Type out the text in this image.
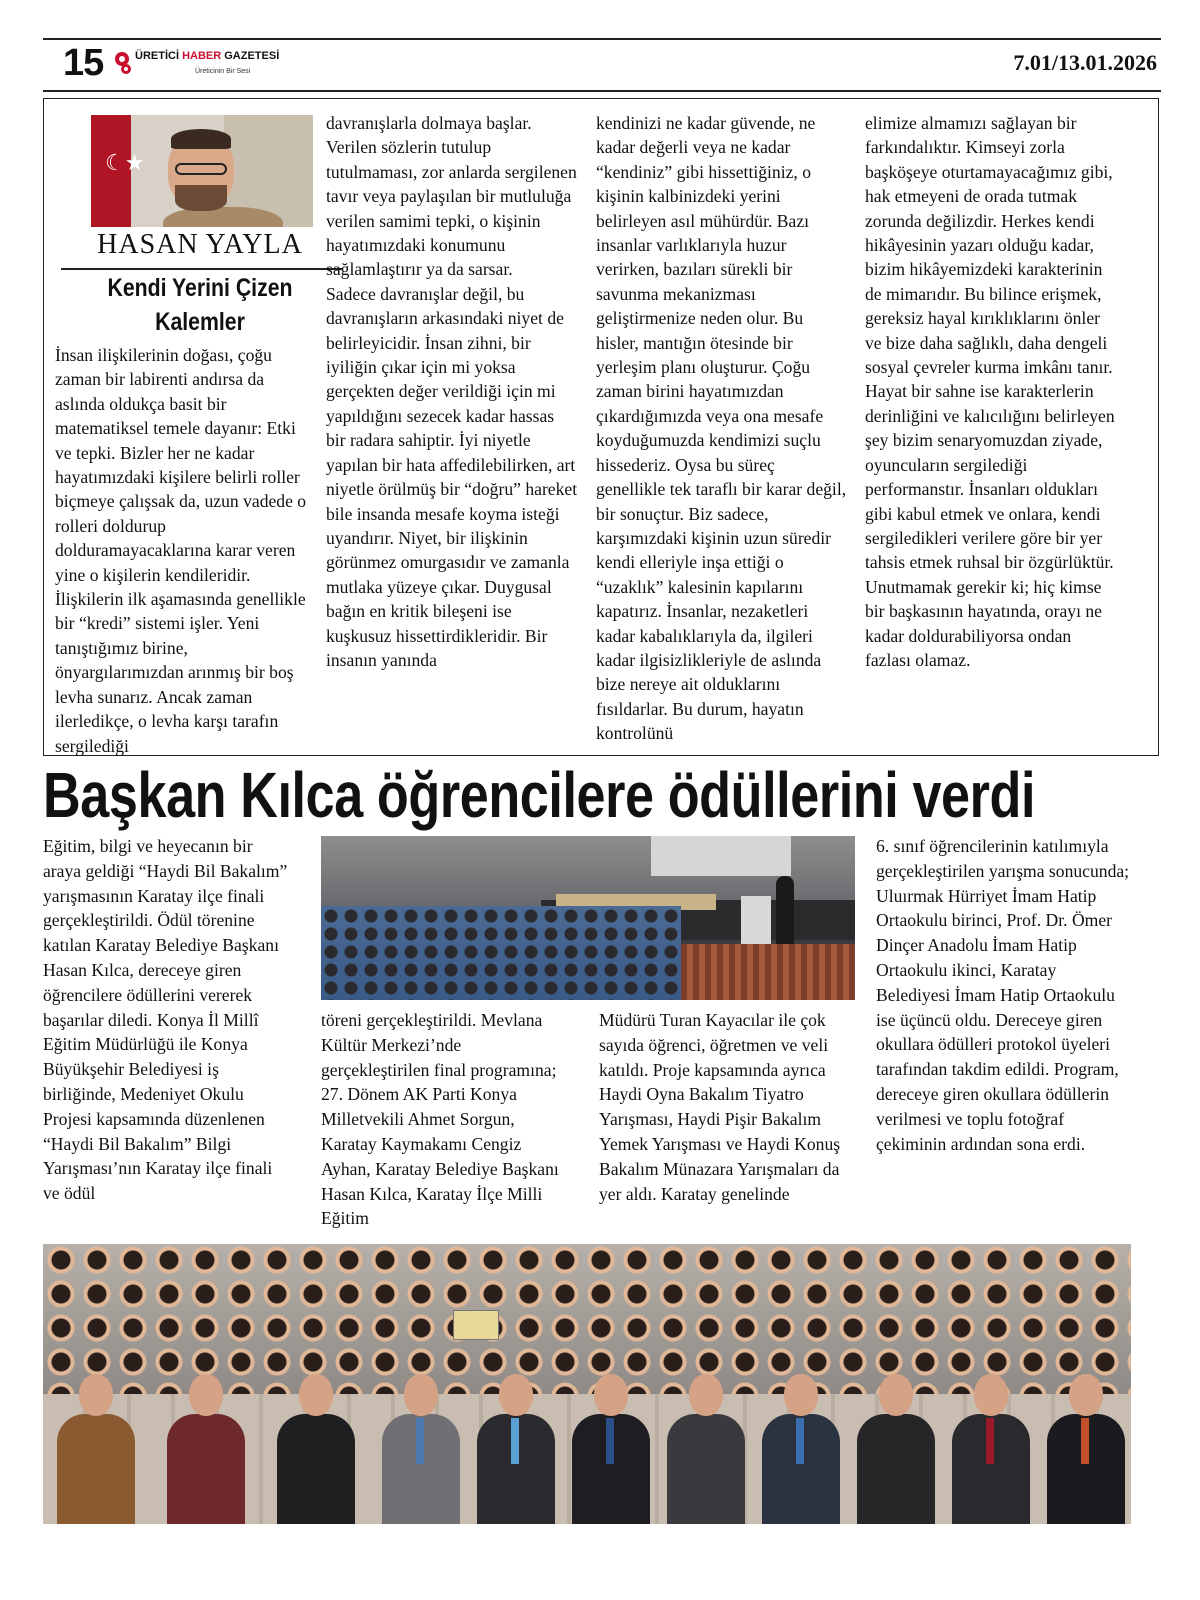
15	ÜRETİCİ HABER GAZETESİ
Üreticinin Bir Sesi	7.01/13.01.2026
☾★
HASAN YAYLA
Kendi Yerini Çizen
Kalemler
İnsan ilişkilerinin doğası, çoğu zaman bir labirenti andırsa da aslında oldukça basit bir matematiksel temele dayanır: Etki ve tepki. Bizler her ne kadar hayatımızdaki kişilere belirli roller biçmeye çalışsak da, uzun vadede o rolleri doldurup dolduramayacaklarına karar veren yine o kişilerin kendileridir. İlişkilerin ilk aşamasında genellikle bir “kredi” sistemi işler. Yeni tanıştığımız birine, önyargılarımızdan arınmış bir boş levha sunarız. Ancak zaman ilerledikçe, o levha karşı tarafın sergilediği
davranışlarla dolmaya başlar. Verilen sözlerin tutulup tutulmaması, zor anlarda sergilenen tavır veya paylaşılan bir mutluluğa verilen samimi tepki, o kişinin hayatımızdaki konumunu sağlamlaştırır ya da sarsar.
Sadece davranışlar değil, bu davranışların arkasındaki niyet de belirleyicidir. İnsan zihni, bir iyiliğin çıkar için mi yoksa gerçekten değer verildiği için mi yapıldığını sezecek kadar hassas bir radara sahiptir. İyi niyetle yapılan bir hata affedilebilirken, art niyetle örülmüş bir “doğru” hareket bile insanda mesafe koyma isteği uyandırır. Niyet, bir ilişkinin görünmez omurgasıdır ve zamanla mutlaka yüzeye çıkar. Duygusal bağın en kritik bileşeni ise kuşkusuz hissettirdikleridir. Bir insanın yanında
kendinizi ne kadar güvende, ne kadar değerli veya ne kadar “kendiniz” gibi hissettiğiniz, o kişinin kalbinizdeki yerini belirleyen asıl mühürdür. Bazı insanlar varlıklarıyla huzur verirken, bazıları sürekli bir savunma mekanizması geliştirmenize neden olur. Bu hisler, mantığın ötesinde bir yerleşim planı oluşturur. Çoğu zaman birini hayatımızdan çıkardığımızda veya ona mesafe koyduğumuzda kendimizi suçlu hissederiz. Oysa bu süreç genellikle tek taraflı bir karar değil, bir sonuçtur. Biz sadece, karşımızdaki kişinin uzun süredir kendi elleriyle inşa ettiği o “uzaklık” kalesinin kapılarını kapatırız. İnsanlar, nezaketleri kadar kabalıklarıyla da, ilgileri kadar ilgisizlikleriyle de aslında bize nereye ait olduklarını fısıldarlar. Bu durum, hayatın kontrolünü
elimize almamızı sağlayan bir farkındalıktır. Kimseyi zorla başköşeye oturtamayacağımız gibi, hak etmeyeni de orada tutmak zorunda değilizdir. Herkes kendi hikâyesinin yazarı olduğu kadar, bizim hikâyemizdeki karakterinin de mimarıdır. Bu bilince erişmek, gereksiz hayal kırıklıklarını önler ve bize daha sağlıklı, daha dengeli sosyal çevreler kurma imkânı tanır. Hayat bir sahne ise karakterlerin derinliğini ve kalıcılığını belirleyen şey bizim senaryomuzdan ziyade, oyuncuların sergilediği performanstır. İnsanları oldukları gibi kabul etmek ve onlara, kendi sergiledikleri verilere göre bir yer tahsis etmek ruhsal bir özgürlüktür. Unutmamak gerekir ki; hiç kimse bir başkasının hayatında, orayı ne kadar doldurabiliyorsa ondan fazlası olamaz.
Başkan Kılca öğrencilere ödüllerini verdi
Eğitim, bilgi ve heyecanın bir araya geldiği “Haydi Bil Bakalım” yarışmasının Karatay ilçe finali gerçekleştirildi. Ödül törenine katılan Karatay Belediye Başkanı Hasan Kılca, dereceye giren öğrencilere ödüllerini vererek başarılar diledi. Konya İl Millî Eğitim Müdürlüğü ile Konya Büyükşehir Belediyesi iş birliğinde, Medeniyet Okulu Projesi kapsamında düzenlenen “Haydi Bil Bakalım” Bilgi Yarışması’nın Karatay ilçe finali ve ödül
töreni gerçekleştirildi. Mevlana Kültür Merkezi’nde gerçekleştirilen final programına; 27. Dönem AK Parti Konya Milletvekili Ahmet Sorgun, Karatay Kaymakamı Cengiz Ayhan, Karatay Belediye Başkanı Hasan Kılca, Karatay İlçe Milli Eğitim
Müdürü Turan Kayacılar ile çok sayıda öğrenci, öğretmen ve veli katıldı. Proje kapsamında ayrıca Haydi Oyna Bakalım Tiyatro Yarışması, Haydi Pişir Bakalım Yemek Yarışması ve Haydi Konuş Bakalım Münazara Yarışmaları da yer aldı. Karatay genelinde
6. sınıf öğrencilerinin katılımıyla gerçekleştirilen yarışma sonucunda; Uluırmak Hürriyet İmam Hatip Ortaokulu birinci, Prof. Dr. Ömer Dinçer Anadolu İmam Hatip Ortaokulu ikinci, Karatay Belediyesi İmam Hatip Ortaokulu ise üçüncü oldu. Dereceye giren okullara ödülleri protokol üyeleri tarafından takdim edildi. Program, dereceye giren okullara ödüllerin verilmesi ve toplu fotoğraf çekiminin ardından sona erdi.
